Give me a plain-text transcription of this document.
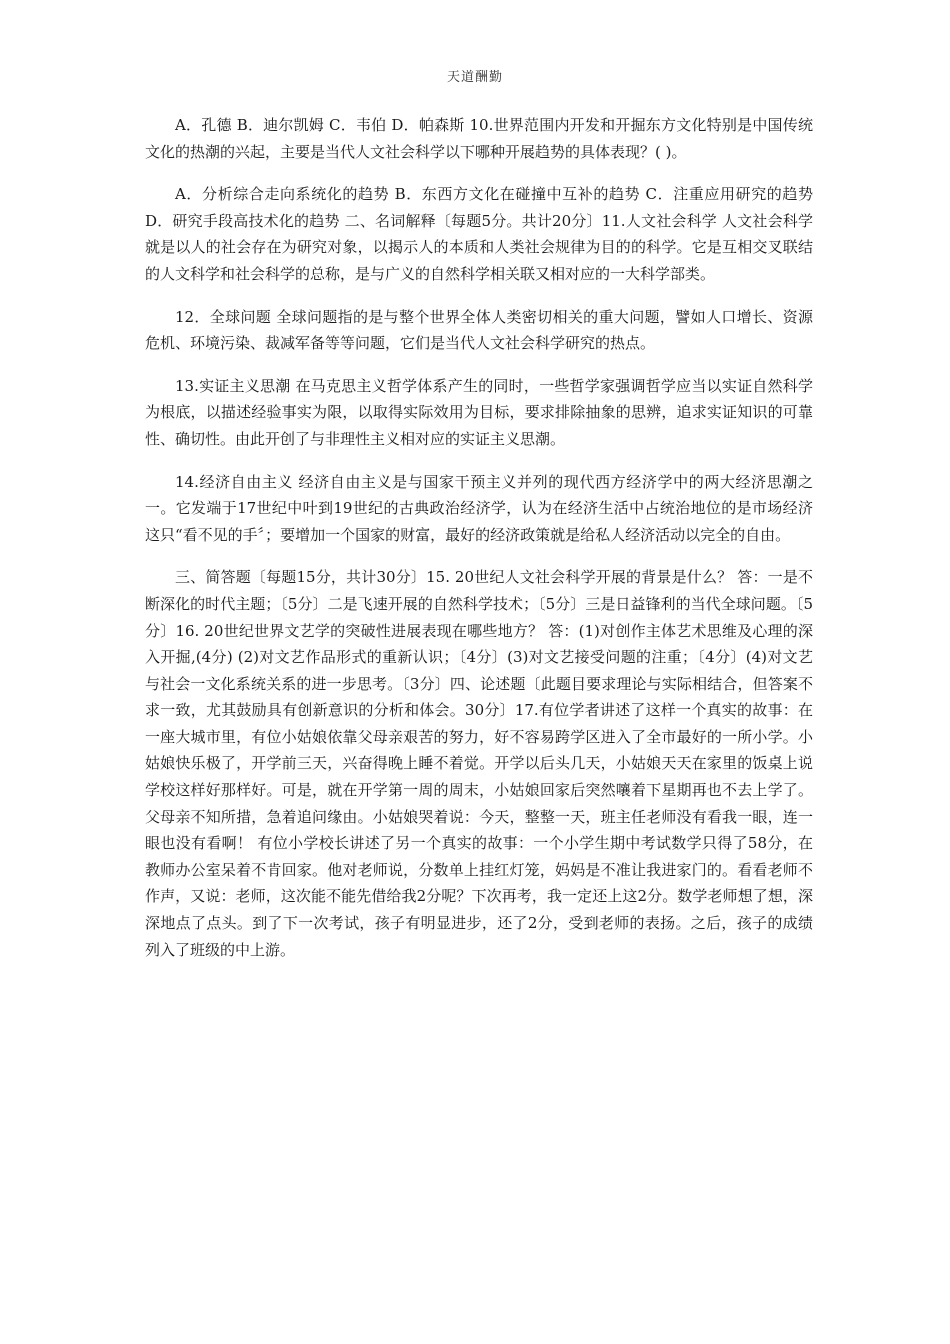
天道酬勤

A．孔德 B．迪尔凯姆 C．韦伯 D．帕森斯 10.世界范围内开发和开掘东方文化特别是中国传统文化的热潮的兴起，主要是当代人文社会科学以下哪种开展趋势的具体表现？( )。

A．分析综合走向系统化的趋势 B．东西方文化在碰撞中互补的趋势 C．注重应用研究的趋势 D．研究手段高技术化的趋势 二、名词解释〔每题5分。共计20分〕11.人文社会科学 人文社会科学就是以人的社会存在为研究对象，以揭示人的本质和人类社会规律为目的的科学。它是互相交叉联结的人文科学和社会科学的总称，是与广义的自然科学相关联又相对应的一大科学部类。

12．全球问题 全球问题指的是与整个世界全体人类密切相关的重大问题，譬如人口增长、资源危机、环境污染、裁减军备等等问题，它们是当代人文社会科学研究的热点。

13.实证主义思潮 在马克思主义哲学体系产生的同时，一些哲学家强调哲学应当以实证自然科学为根底，以描述经验事实为限，以取得实际效用为目标，要求排除抽象的思辨，追求实证知识的可靠性、确切性。由此开创了与非理性主义相对应的实证主义思潮。

14.经济自由主义 经济自由主义是与国家干预主义并列的现代西方经济学中的两大经济思潮之一。它发端于17世纪中叶到19世纪的古典政治经济学，认为在经济生活中占统治地位的是市场经济这只“看不见的手〞；要增加一个国家的财富，最好的经济政策就是给私人经济活动以完全的自由。

三、简答题〔每题15分，共计30分〕15. 20世纪人文社会科学开展的背景是什么？ 答：一是不断深化的时代主题；〔5分〕二是飞速开展的自然科学技术；〔5分〕三是日益锋利的当代全球问题。〔5分〕16. 20世纪世界文艺学的突破性进展表现在哪些地方？ 答：(1)对创作主体艺术思维及心理的深入开掘,(4分) (2)对文艺作品形式的重新认识；〔4分〕(3)对文艺接受问题的注重；〔4分〕(4)对文艺与社会一文化系统关系的进一步思考。〔3分〕四、论述题〔此题目要求理论与实际相结合，但答案不求一致，尤其鼓励具有创新意识的分析和体会。30分〕17.有位学者讲述了这样一个真实的故事：在一座大城市里，有位小姑娘依靠父母亲艰苦的努力，好不容易跨学区进入了全市最好的一所小学。小姑娘快乐极了，开学前三天，兴奋得晚上睡不着觉。开学以后头几天，小姑娘天天在家里的饭桌上说学校这样好那样好。可是，就在开学第一周的周末，小姑娘回家后突然嚷着下星期再也不去上学了。父母亲不知所措，急着追问缘由。小姑娘哭着说：今天，整整一天，班主任老师没有看我一眼，连一眼也没有看啊！ 有位小学校长讲述了另一个真实的故事：一个小学生期中考试数学只得了58分，在教师办公室呆着不肯回家。他对老师说，分数单上挂红灯笼，妈妈是不准让我进家门的。看看老师不作声，又说：老师，这次能不能先借给我2分呢？下次再考，我一定还上这2分。数学老师想了想，深深地点了点头。到了下一次考试，孩子有明显进步，还了2分，受到老师的表扬。之后，孩子的成绩列入了班级的中上游。
